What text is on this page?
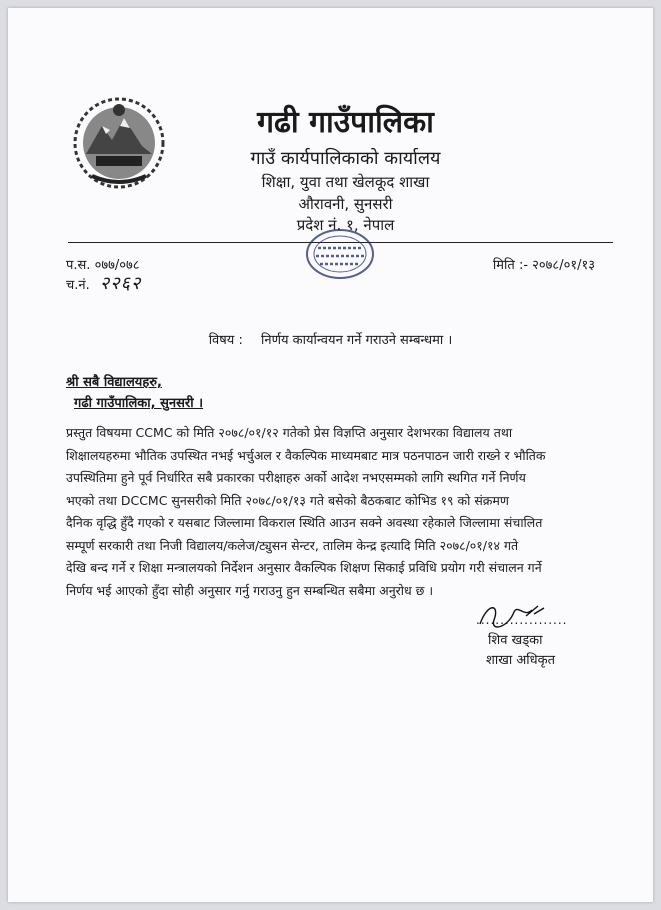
गढी गाउँपालिका
गाउँ कार्यपालिकाको कार्यालय
शिक्षा, युवा तथा खेलकूद शाखा
औरावनी, सुनसरी
प्रदेश नं. १, नेपाल
प.स. ०७७/०७८
च.नं. २२६२
मिति :- २०७८/०१/१३
विषय : निर्णय कार्यान्वयन गर्ने गराउने सम्बन्धमा ।
श्री सबै विद्यालयहरु,
गढी गाउँपालिका, सुनसरी ।
प्रस्तुत विषयमा CCMC को मिति २०७८/०१/१२ गतेको प्रेस विज्ञप्ति अनुसार देशभरका विद्यालय तथा
शिक्षालयहरुमा भौतिक उपस्थित नभई भर्चुअल र वैकल्पिक माध्यमबाट मात्र पठनपाठन जारी राख्ने र भौतिक
उपस्थितिमा हुने पूर्व निर्धारित सबै प्रकारका परीक्षाहरु अर्को आदेश नभएसम्मको लागि स्थगित गर्ने निर्णय
भएको तथा DCCMC सुनसरीको मिति २०७८/०१/१३ गते बसेको बैठकबाट कोभिड १९ को संक्रमण
दैनिक वृद्धि हुँदै गएको र यसबाट जिल्लामा विकराल स्थिति आउन सक्ने अवस्था रहेकाले जिल्लामा संचालित
सम्पूर्ण सरकारी तथा निजी विद्यालय/कलेज/ट्युसन सेन्टर, तालिम केन्द्र इत्यादि मिति २०७८/०१/१४ गते
देखि बन्द गर्ने र शिक्षा मन्त्रालयको निर्देशन अनुसार वैकल्पिक शिक्षण सिकाई प्रविधि प्रयोग गरी संचालन गर्ने
निर्णय भई आएको हुँदा सोही अनुसार गर्नु गराउनु हुन सम्बन्धित सबैमा अनुरोध छ ।
...................
शिव खड्का
शाखा अधिकृत
